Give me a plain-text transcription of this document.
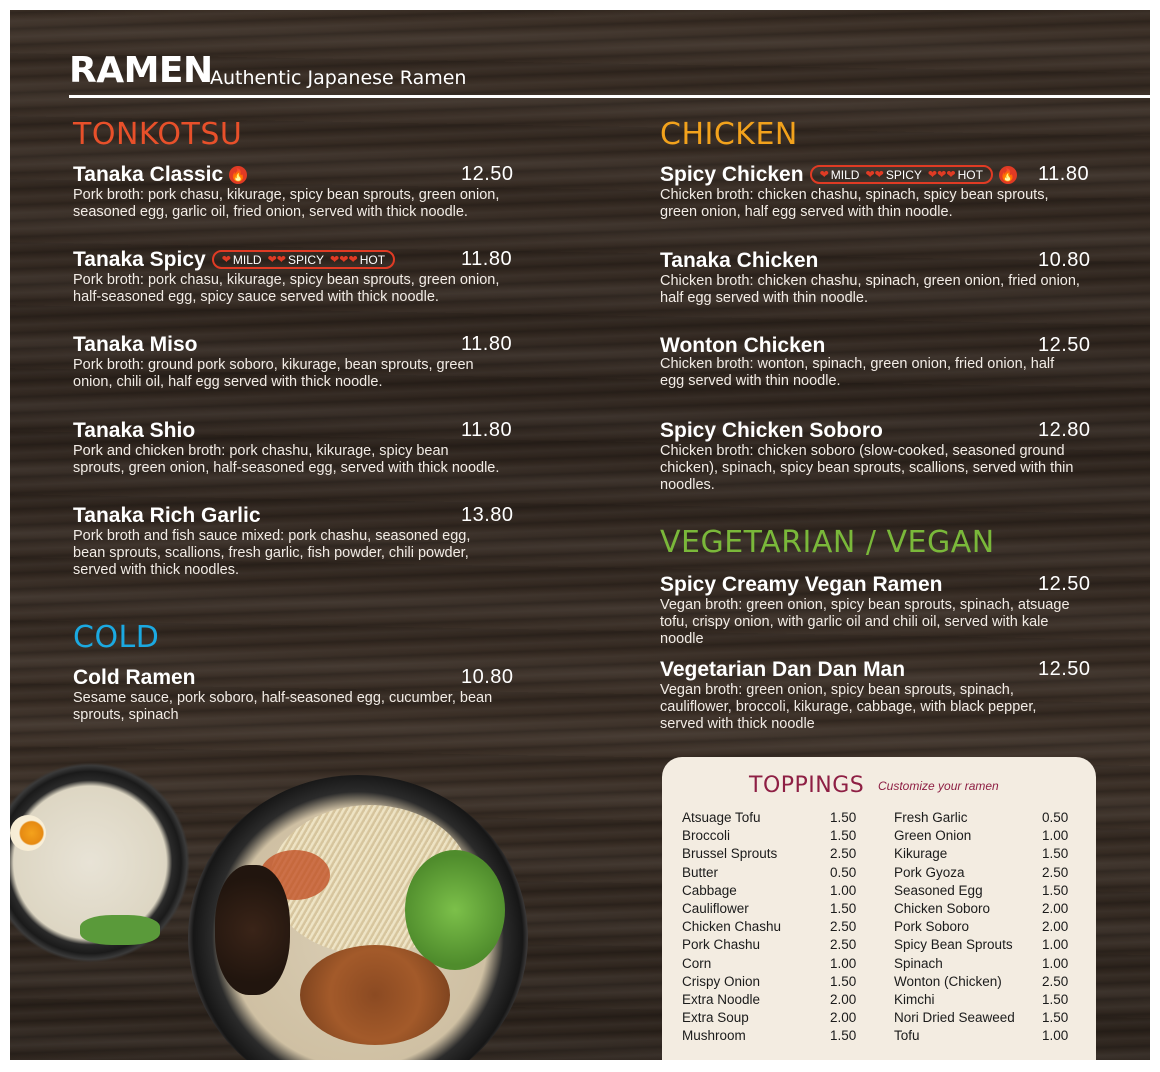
RAMEN
Authentic Japanese Ramen
TONKOTSU
Tanaka Classic 🔥	12.50
Pork broth: pork chasu, kikurage, spicy bean sprouts, green onion, seasoned egg, garlic oil, fried onion, served with thick noodle.
Tanaka Spicy ❤ MILD ❤❤ SPICY ❤❤❤ HOT	11.80
Pork broth: pork chasu, kikurage, spicy bean sprouts, green onion, half-seasoned egg, spicy sauce served with thick noodle.
Tanaka Miso	11.80
Pork broth: ground pork soboro, kikurage, bean sprouts, green onion, chili oil, half egg served with thick noodle.
Tanaka Shio	11.80
Pork and chicken broth: pork chashu, kikurage, spicy bean sprouts, green onion, half-seasoned egg, served with thick noodle.
Tanaka Rich Garlic	13.80
Pork broth and fish sauce mixed: pork chashu, seasoned egg, bean sprouts, scallions, fresh garlic, fish powder, chili powder, served with thick noodles.
COLD
Cold Ramen	10.80
Sesame sauce, pork soboro, half-seasoned egg, cucumber, bean sprouts, spinach
CHICKEN
Spicy Chicken ❤ MILD ❤❤ SPICY ❤❤❤ HOT 🔥 11.80
Chicken broth: chicken chashu, spinach, spicy bean sprouts, green onion, half egg served with thin noodle.
Tanaka Chicken	10.80
Chicken broth: chicken chashu, spinach, green onion, fried onion, half egg served with thin noodle.
Wonton Chicken	12.50
Chicken broth: wonton, spinach, green onion, fried onion, half egg served with thin noodle.
Spicy Chicken Soboro	12.80
Chicken broth: chicken soboro (slow-cooked, seasoned ground chicken), spinach, spicy bean sprouts, scallions, served with thin noodles.
VEGETARIAN / VEGAN
Spicy Creamy Vegan Ramen	12.50
Vegan broth: green onion, spicy bean sprouts, spinach, atsuage tofu, crispy onion, with garlic oil and chili oil, served with kale noodle
Vegetarian Dan Dan Man	12.50
Vegan broth: green onion, spicy bean sprouts, spinach, cauliflower, broccoli, kikurage, cabbage, with black pepper, served with thick noodle
TOPPINGS Customize your ramen
Atsuage Tofu	1.50
Broccoli	1.50
Brussel Sprouts	2.50
Butter	0.50
Cabbage	1.00
Cauliflower	1.50
Chicken Chashu	2.50
Pork Chashu	2.50
Corn	1.00
Crispy Onion	1.50
Extra Noodle	2.00
Extra Soup	2.00
Mushroom	1.50
Fresh Garlic	0.50
Green Onion	1.00
Kikurage	1.50
Pork Gyoza	2.50
Seasoned Egg	1.50
Chicken Soboro	2.00
Pork Soboro	2.00
Spicy Bean Sprouts 1.00
Spinach	1.00
Wonton (Chicken)	2.50
Kimchi	1.50
Nori Dried Seaweed 1.50
Tofu	1.00
